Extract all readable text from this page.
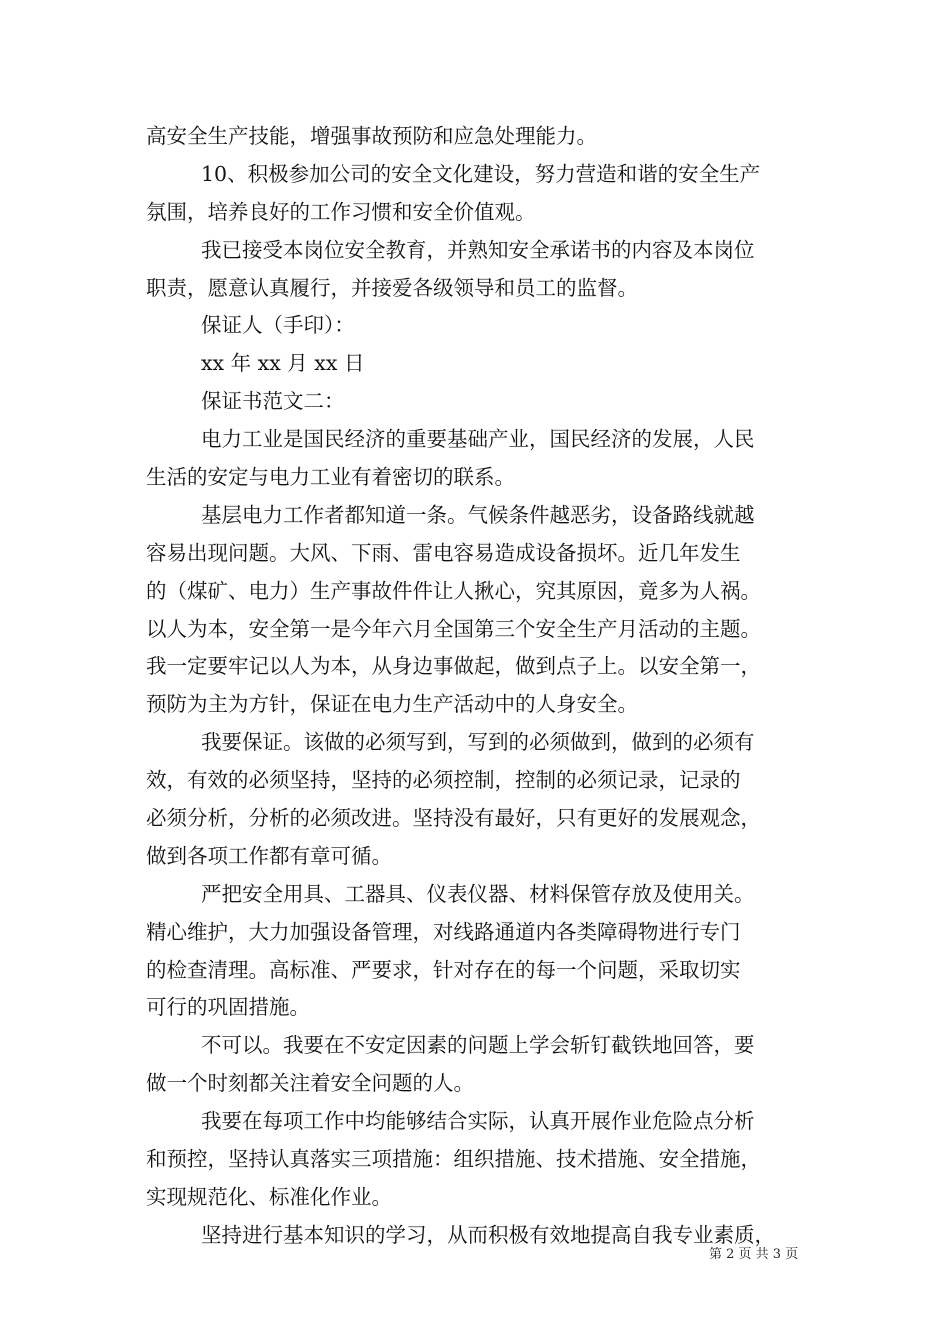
高安全生产技能，增强事故预防和应急处理能力。
10、积极参加公司的安全文化建设，努力营造和谐的安全生产
氛围，培养良好的工作习惯和安全价值观。
我已接受本岗位安全教育，并熟知安全承诺书的内容及本岗位
职责，愿意认真履行，并接爱各级领导和员工的监督。
保证人（手印）：
xx 年 xx 月 xx 日
保证书范文二：
电力工业是国民经济的重要基础产业，国民经济的发展，人民
生活的安定与电力工业有着密切的联系。
基层电力工作者都知道一条。气候条件越恶劣，设备路线就越
容易出现问题。大风、下雨、雷电容易造成设备损坏。近几年发生
的（煤矿、电力）生产事故件件让人揪心，究其原因，竟多为人祸。
以人为本，安全第一是今年六月全国第三个安全生产月活动的主题。
我一定要牢记以人为本，从身边事做起，做到点子上。以安全第一，
预防为主为方针，保证在电力生产活动中的人身安全。
我要保证。该做的必须写到，写到的必须做到，做到的必须有
效，有效的必须坚持，坚持的必须控制，控制的必须记录，记录的
必须分析，分析的必须改进。坚持没有最好，只有更好的发展观念，
做到各项工作都有章可循。
严把安全用具、工器具、仪表仪器、材料保管存放及使用关。
精心维护，大力加强设备管理，对线路通道内各类障碍物进行专门
的检查清理。高标准、严要求，针对存在的每一个问题，采取切实
可行的巩固措施。
不可以。我要在不安定因素的问题上学会斩钉截铁地回答，要
做一个时刻都关注着安全问题的人。
我要在每项工作中均能够结合实际，认真开展作业危险点分析
和预控，坚持认真落实三项措施：组织措施、技术措施、安全措施，
实现规范化、标准化作业。
坚持进行基本知识的学习，从而积极有效地提高自我专业素质，
第 2 页 共 3 页
